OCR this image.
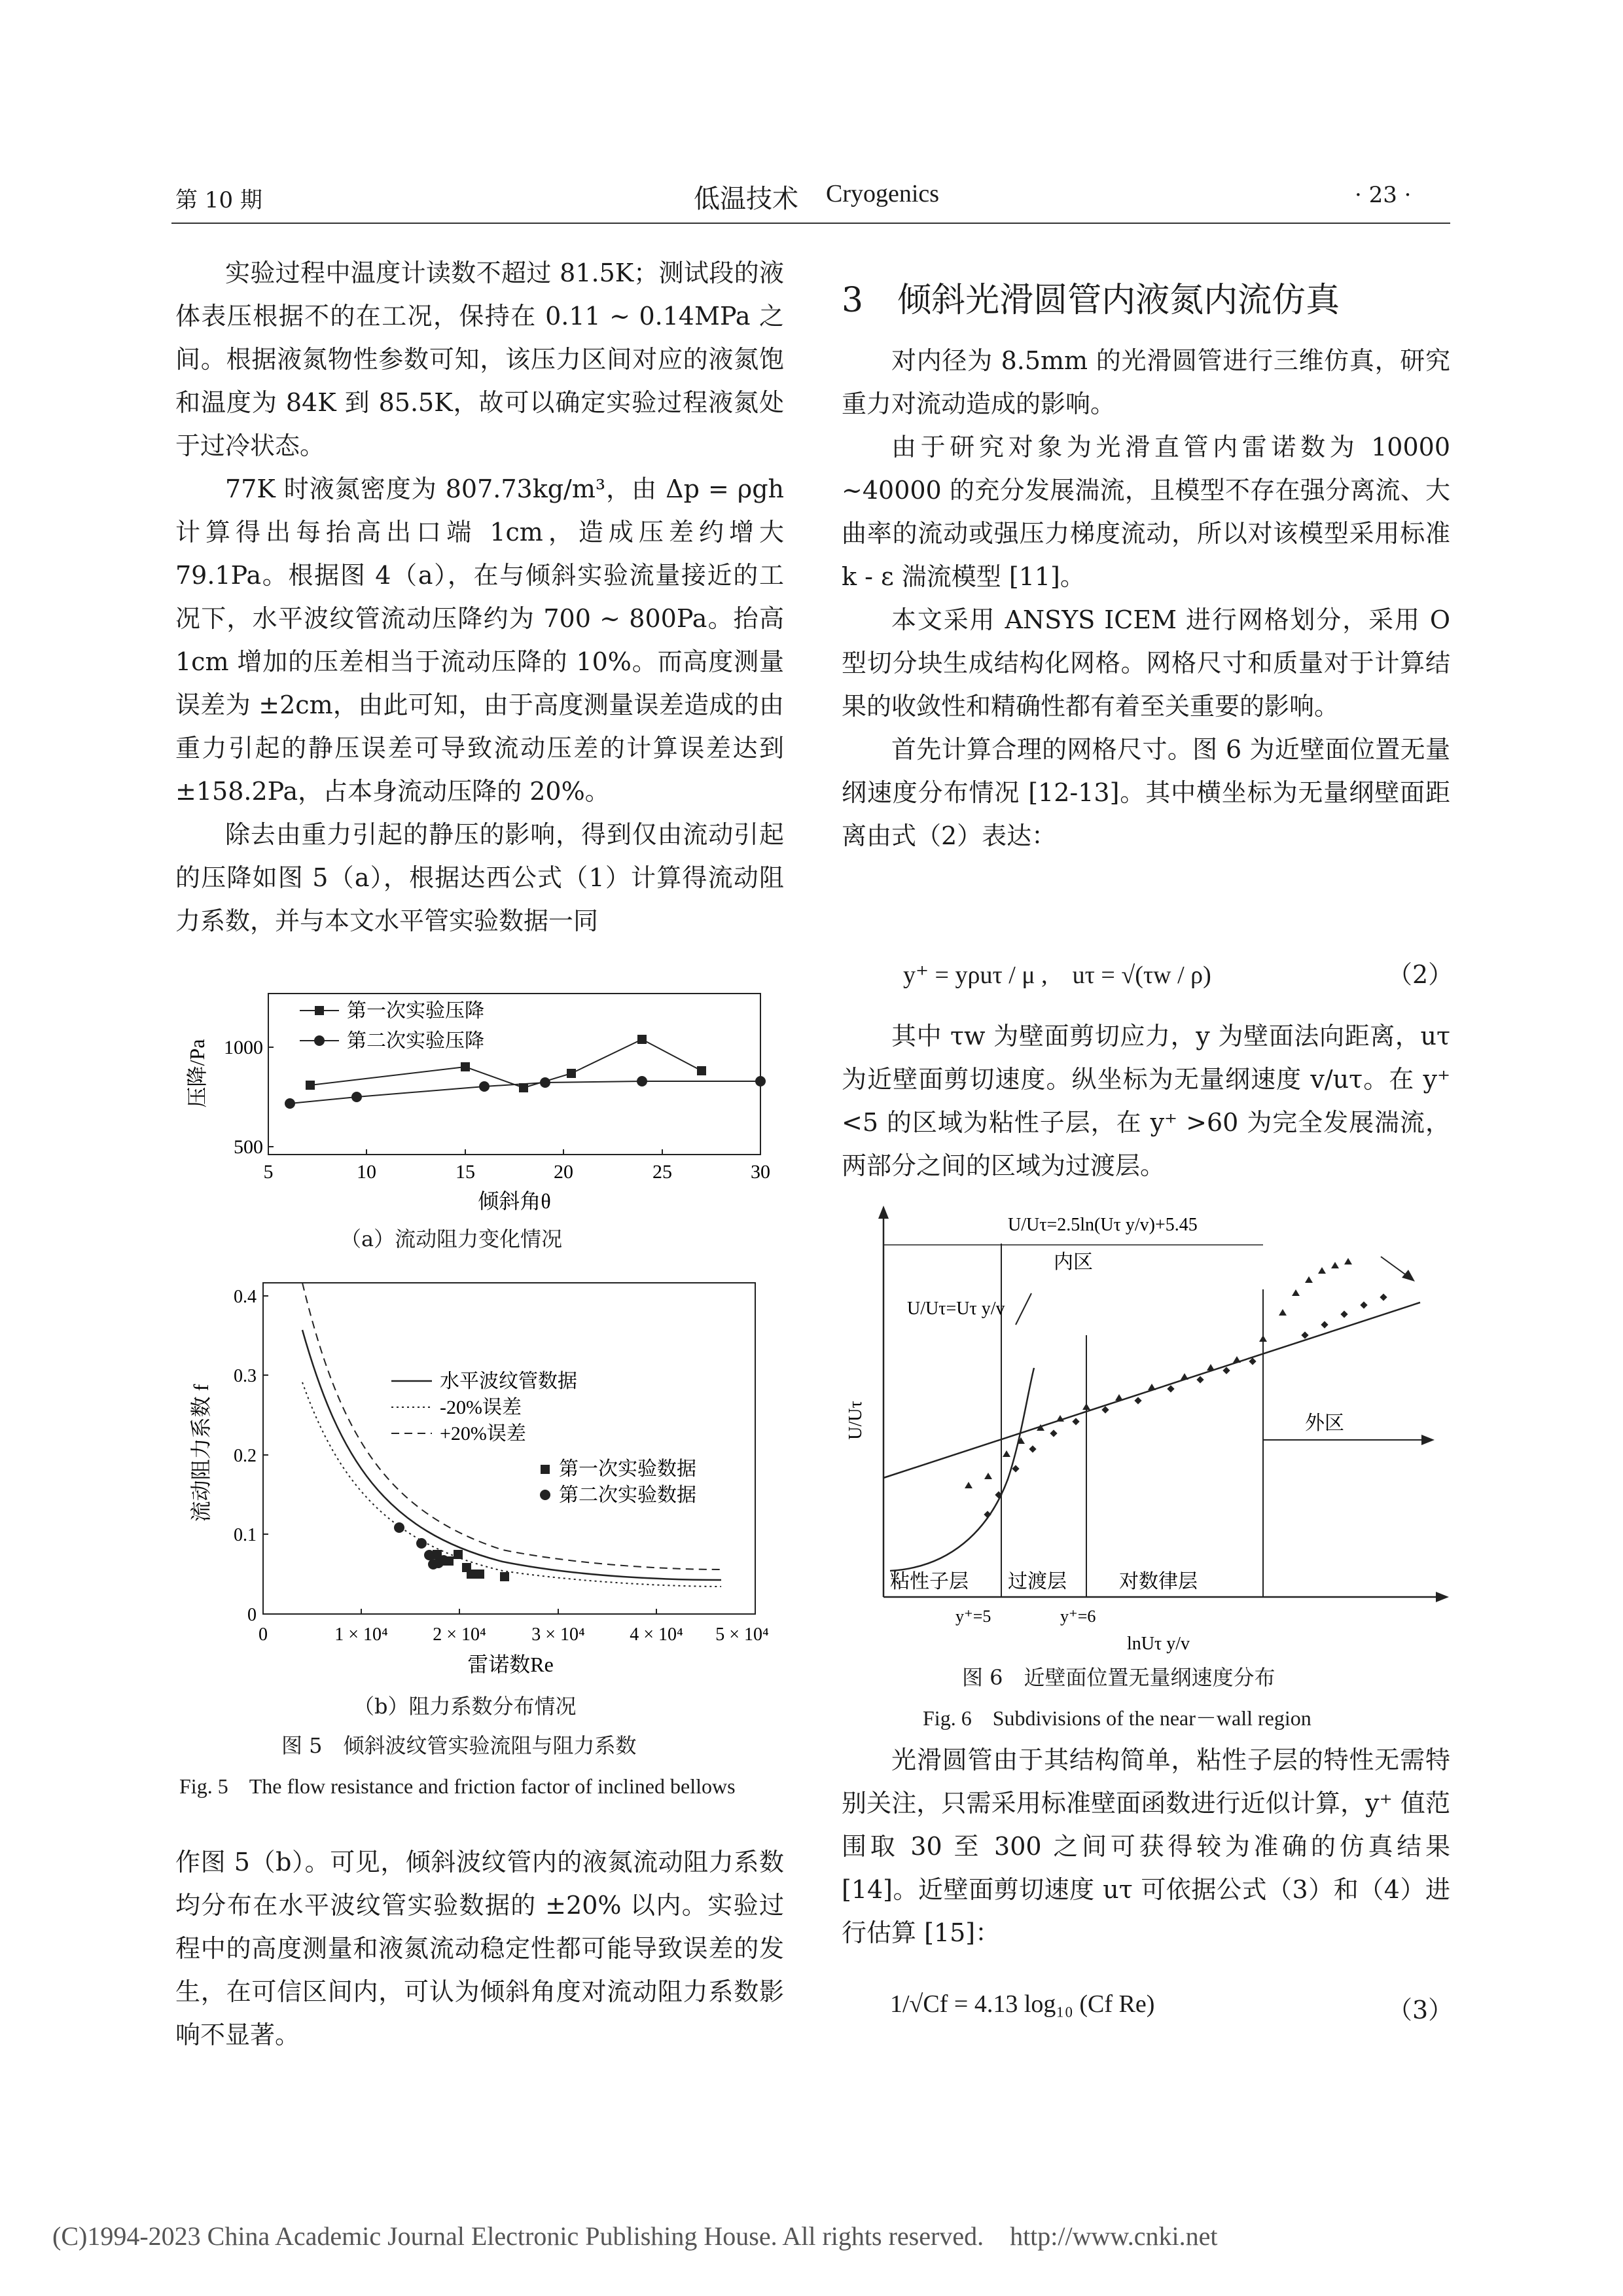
第 10 期	低温技术 Cryogenics	· 23 ·

实验过程中温度计读数不超过 81.5K；测试段的液体表压根据不的在工况，保持在 0.11 ~ 0.14MPa 之间。根据液氮物性参数可知，该压力区间对应的液氮饱和温度为 84K 到 85.5K，故可以确定实验过程液氮处于过冷状态。

77K 时液氮密度为 807.73kg/m³，由 Δp = ρgh 计算得出每抬高出口端 1cm，造成压差约增大 79.1Pa。根据图 4（a），在与倾斜实验流量接近的工况下，水平波纹管流动压降约为 700 ~ 800Pa。抬高 1cm 增加的压差相当于流动压降的 10%。而高度测量误差为 ±2cm，由此可知，由于高度测量误差造成的由重力引起的静压误差可导致流动压差的计算误差达到 ±158.2Pa，占本身流动压降的 20%。

除去由重力引起的静压的影响，得到仅由流动引起的压降如图 5（a），根据达西公式（1）计算得流动阻力系数，并与本文水平管实验数据一同

1000
500
5	10	15	20	25	30
压降/Pa
倾斜角θ
第一次实验压降
第二次实验压降
（a）流动阻力变化情况
0
0.1
0.2
0.3
0.4
0	1 × 10⁴ 2 × 10⁴ 3 × 10⁴ 4 × 10⁴ 5 × 10⁴
流动阻力系数 f
雷诺数Re
水平波纹管数据
-20%误差
+20%误差
第一次实验数据
第二次实验数据
（b）阻力系数分布情况
图 5　倾斜波纹管实验流阻与阻力系数
Fig. 5　The flow resistance and friction factor of inclined bellows

作图 5（b）。可见，倾斜波纹管内的液氮流动阻力系数均分布在水平波纹管实验数据的 ±20% 以内。实验过程中的高度测量和液氮流动稳定性都可能导致误差的发生，在可信区间内，可认为倾斜角度对流动阻力系数影响不显著。

3　倾斜光滑圆管内液氮内流仿真

对内径为 8.5mm 的光滑圆管进行三维仿真，研究重力对流动造成的影响。

由于研究对象为光滑直管内雷诺数为 10000 ~40000 的充分发展湍流，且模型不存在强分离流、大曲率的流动或强压力梯度流动，所以对该模型采用标准 k - ε 湍流模型 [11]。

本文采用 ANSYS ICEM 进行网格划分，采用 O 型切分块生成结构化网格。网格尺寸和质量对于计算结果的收敛性和精确性都有着至关重要的影响。

首先计算合理的网格尺寸。图 6 为近壁面位置无量纲速度分布情况 [12-13]。其中横坐标为无量纲壁面距离由式（2）表达：

y⁺ = yρuτ / μ ,　uτ = √(τw / ρ)	（2）

其中 τw 为壁面剪切应力，y 为壁面法向距离，uτ 为近壁面剪切速度。纵坐标为无量纲速度 v/uτ。在 y⁺ <5 的区域为粘性子层，在 y⁺ >60 为完全发展湍流，两部分之间的区域为过渡层。

U/Uτ
lnUτ y/v
U/Uτ=2.5ln(Uτ y/v)+5.45
内区
U/Uτ=Uτ y/v
外区
粘性子层 过渡层	对数律层
y⁺=5	y⁺=6
图 6　近壁面位置无量纲速度分布
Fig. 6　Subdivisions of the near－wall region

光滑圆管由于其结构简单，粘性子层的特性无需特别关注，只需采用标准壁面函数进行近似计算，y⁺ 值范围取 30 至 300 之间可获得较为准确的仿真结果 [14]。近壁面剪切速度 uτ 可依据公式（3）和（4）进行估算 [15]：

1/√Cf = 4.13 log₁₀ (Cf Re)	（3）
(C)1994-2023 China Academic Journal Electronic Publishing House. All rights reserved.　http://www.cnki.net
